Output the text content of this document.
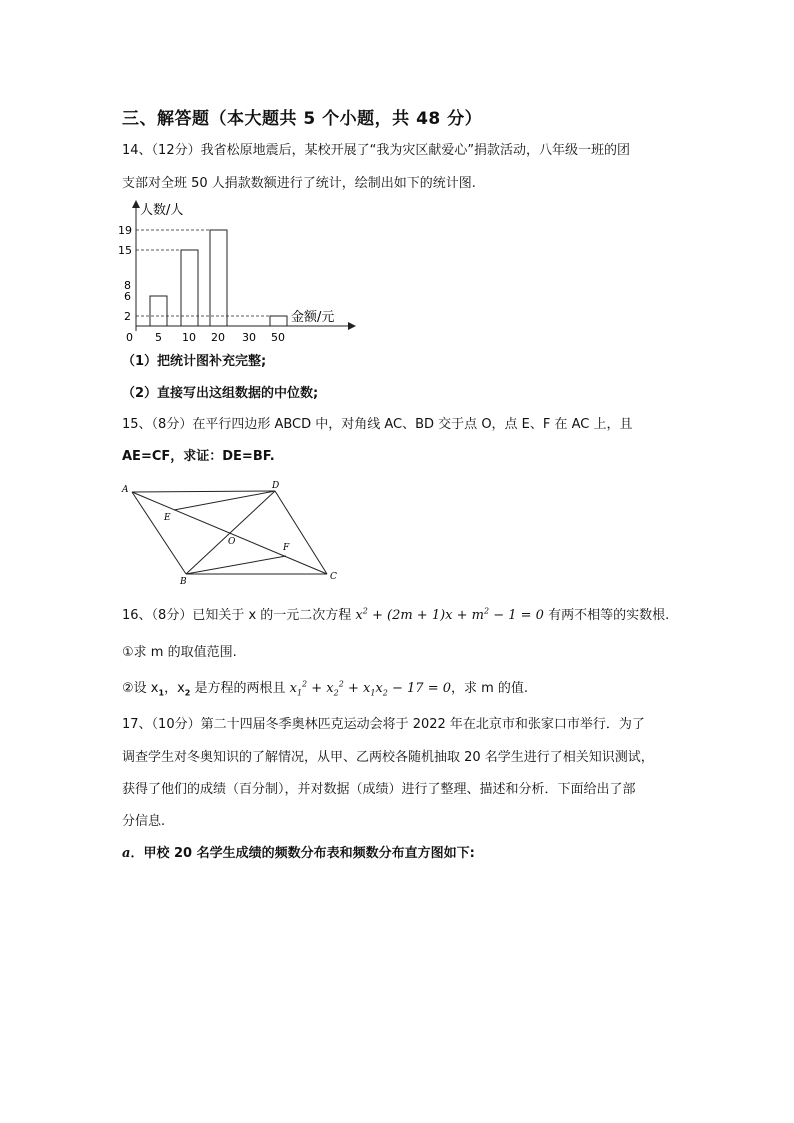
三、解答题（本大题共 5 个小题，共 48 分）
14、（12分）我省松原地震后，某校开展了“我为灾区献爱心”捐款活动，八年级一班的团
支部对全班 50 人捐款数额进行了统计，绘制出如下的统计图.
人数/人
金额/元
0
19
15
8
6
2
5 10 20 30 50
（1）把统计图补充完整;
（2）直接写出这组数据的中位数;
15、（8分）在平行四边形 ABCD 中，对角线 AC、BD 交于点 O，点 E、F 在 AC 上，且
AE=CF，求证：DE=BF.
A	D
C
B
E
F
O
16、（8分）已知关于 x 的一元二次方程 $x^2 + (2m + 1)x + m^2 - 1 = 0$ 有两不相等的实数根.
①求 m 的取值范围.
②设 $x_1$，$x_2$ 是方程的两根且 $x_1^2 + x_2^2 + x_1x_2 - 17 = 0$，求 m 的值.
17、（10分）第二十四届冬季奥林匹克运动会将于 2022 年在北京市和张家口市举行．为了
调查学生对冬奥知识的了解情况，从甲、乙两校各随机抽取 20 名学生进行了相关知识测试，
获得了他们的成绩（百分制），并对数据（成绩）进行了整理、描述和分析．下面给出了部
分信息.
a．甲校 20 名学生成绩的频数分布表和频数分布直方图如下:
